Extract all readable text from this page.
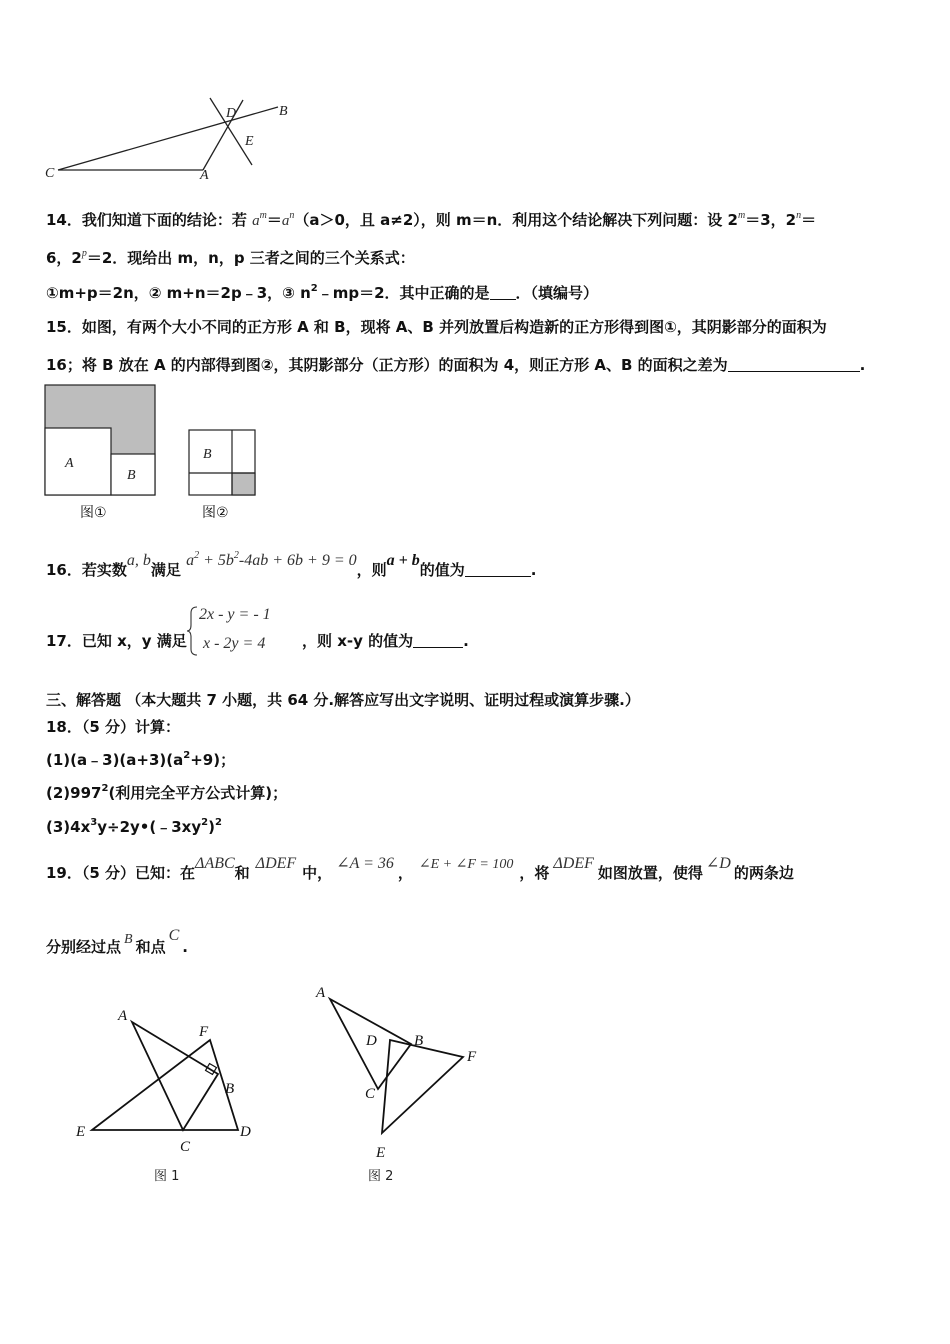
C	A
D	B
E
14．我们知道下面的结论：若 $a^m=a^n(a>0$，且 a≠2），则 m＝n．利用这个结论解决下列问题：设 $2^m=3$，$2^n=$
6，$2^p=2$．现给出 m，n，p 三者之间的三个关系式：
①m+p＝2n，② m+n＝2p﹣3，③ $n^2﹣mp=2$．其中正确的是 ．（填编号）
15．如图，有两个大小不同的正方形 A 和 B，现将 A、B 并列放置后构造新的正方形得到图①，其阴影部分的面积为
16；将 B 放在 A 的内部得到图②，其阴影部分（正方形）的面积为 4，则正方形 A、B 的面积之差为	.
A
B
图①
B
图②
16．若实数a, b满足 $a^2 + 5b^2-4ab + 6b + 9 = 0$，则a + b的值为	.
17．已知 x，y 满足
2x - y = - 1
x - 2y = 4 ，则 x-y 的值为	.
三、解答题 （本大题共 7 小题，共 64 分.解答应写出文字说明、证明过程或演算步骤.）
18．（5 分）计算：
$(1)(a﹣3)(a+3)(a^2+9)$；
$(2)997^2$(利用完全平方公式计算)；
$(3)4x^3y\div 2y•(﹣3xy^2)^2$
19．（5 分）已知：在ΔABC和ΔDEF中，∠A = 36， ∠E + ∠F = 100 ，将ΔDEF如图放置，使得∠D的两条边
分别经过点 B 和点C.
A
F
B
E
C
D
图 1
A
D B
F
C
E
图 2
